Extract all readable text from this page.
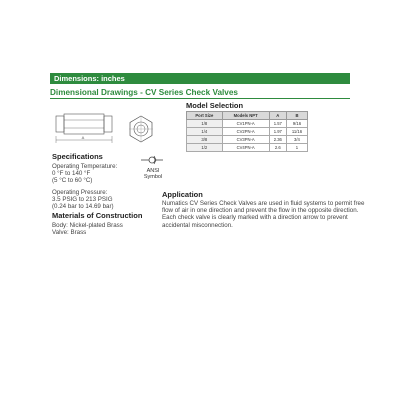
Dimensions: inches
Dimensional Drawings - CV Series Check Valves
A
ANSI
Symbol
Model Selection
Port Size	Models NPT	A	B
1/8	CV1PN-A	1.57	9/16
1/4	CV2PN-A	1.97	11/16
3/8	CV3PN-A	2.36	3/4
1/2	CV4PN-A	2.6	1
Specifications
Operating Temperature:
0 °F to 140 °F
(5 °C to 60 °C)
Operating Pressure:
3.5 PSIG to 213 PSIG
(0.24 bar to 14.69 bar)
Materials of Construction
Body: Nickel-plated Brass
Valve: Brass
Application
Numatics CV Series Check Valves are used in fluid systems to permit free
flow of air in one direction and prevent the flow in the opposite direction.
Each check valve is clearly marked with a direction arrow to prevent
accidental misconnection.
